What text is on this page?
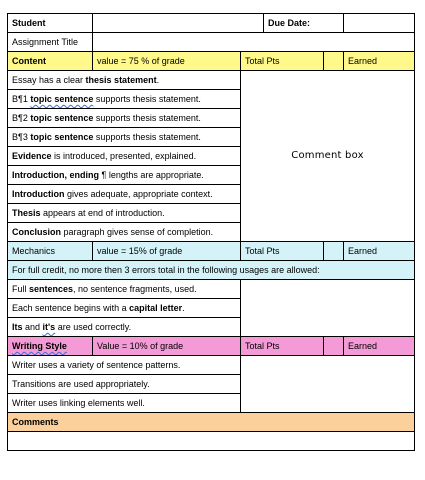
Student			Due Date:		
Assignment Title					
Content	value = 75 % of grade	Total Pts			Earned
Essay has a clear thesis statement.		Comment box			
B¶1 topic sentence supports thesis statement.					
B¶2 topic sentence supports thesis statement.					
B¶3 topic sentence supports thesis statement.					
Evidence is introduced, presented, explained.					
Introduction, ending ¶ lengths are appropriate.					
Introduction gives adequate, appropriate context.					
Thesis appears at end of introduction.					
Conclusion paragraph gives sense of completion.					
Mechanics	value = 15% of grade	Total Pts			Earned
For full credit, no more then 3 errors total in the following usages are allowed:					
Full sentences, no sentence fragments, used.					
Each sentence begins with a capital letter.					
Its and it's are used correctly.					
Writing Style	Value = 10% of grade	Total Pts			Earned
Writer uses a variety of sentence patterns.					
Transitions are used appropriately.					
Writer uses linking elements well.					
Comments					
